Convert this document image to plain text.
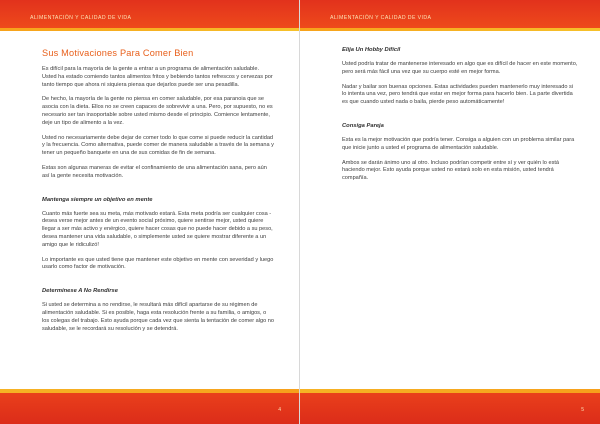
ALIMENTACIÓN Y CALIDAD DE VIDA
Sus Motivaciones Para Comer Bien

Es difícil para la mayoría de la gente a entrar a un programa de alimentación saludable. Usted ha estado comiendo tantos alimentos fritos y bebiendo tantos refrescos y cervezas por tanto tiempo que ahora ni siquiera piensa que dejarlos puede ser una pesadilla.

De hecho, la mayoría de la gente no piensa en comer saludable, por esa paranoia que se asocia con la dieta. Ellos no se creen capaces de sobrevivir a una. Pero, por supuesto, no es necesario ser tan insoportable sobre usted mismo desde el principio. Comience lentamente, deje un tipo de alimento a la vez.

Usted no necesariamente debe dejar de comer todo lo que come si puede reducir la cantidad y la frecuencia. Como alternativa, puede comer de manera saludable a través de la semana y tener un pequeño banquete en una de sus comidas de fin de semana.

Estas son algunas maneras de evitar el confinamiento de una alimentación sana, pero aún así la gente necesita motivación.

Mantenga siempre un objetivo en mente

Cuanto más fuerte sea su meta, más motivado estará. Esta meta podría ser cualquier cosa - desea verse mejor antes de un evento social próximo, quiere sentirse mejor, usted quiere llegar a ser más activo y enérgico, quiere hacer cosas que no puede hacer debido a su peso, desea mantener una vida saludable, o simplemente usted se quiere mostrar diferente a un amigo que le ridiculizó!

Lo importante es que usted tiene que mantener este objetivo en mente con severidad y luego usarlo como factor de motivación.

Determínese A No Rendirse

Si usted se determina a no rendirse, le resultará más difícil apartarse de su régimen de alimentación saludable. Si es posible, haga esta resolución frente a su familia, o amigos, o los colegas del trabajo. Esto ayuda porque cada vez que sienta la tentación de comer algo no saludable, se le recordará su resolución y se detendrá.

4
ALIMENTACIÓN Y CALIDAD DE VIDA
Elija Un Hobby Difícil

Usted podría tratar de mantenerse interesado en algo que es difícil de hacer en este momento, pero será más fácil una vez que su cuerpo esté en mejor forma.

Nadar y bailar son buenas opciones. Estas actividades pueden mantenerlo muy interesado si lo intenta una vez, pero tendrá que estar en mejor forma para hacerlo bien. La parte divertida es que cuando usted nada o baila, pierde peso automáticamente!

Consiga Pareja

Esta es la mejor motivación que podría tener. Consiga a alguien con un problema similar para que inicie junto a usted el programa de alimentación saludable.

Ambos se darán ánimo uno al otro. Incluso podrían competir entre sí y ver quién lo está haciendo mejor. Esto ayuda porque usted no estará solo en esta misión, usted tendrá compañía.

5
